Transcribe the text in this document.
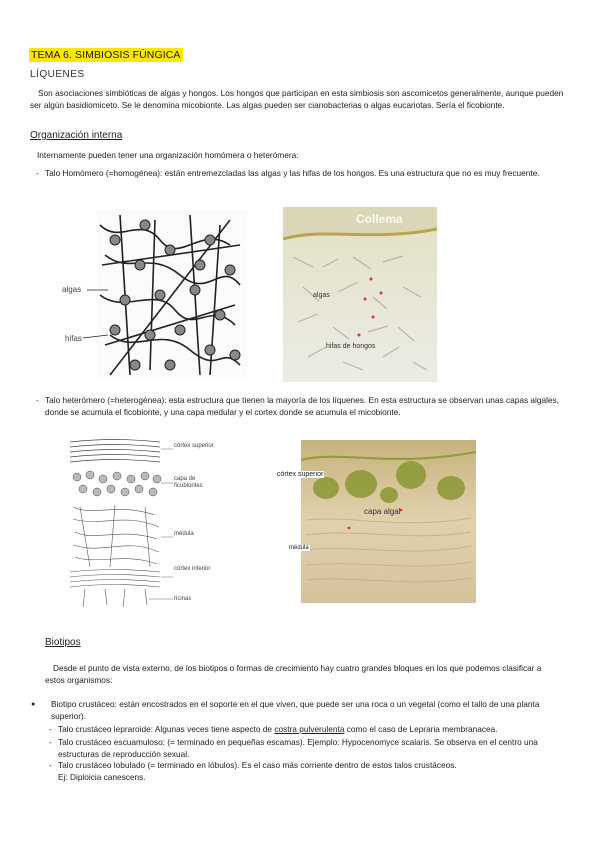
TEMA 6. SIMBIOSIS FÚNGICA
LÍQUENES
Son asociaciones simbióticas de algas y hongos. Los hongos que participan en esta simbiosis son ascomicetos generalmente, aunque pueden ser algún basidiomiceto. Se le denomina micobionte. Las algas pueden ser cianobacterias o algas eucariotas. Sería el ficobionte.
Organización interna
Internamente pueden tener una organización homómera o heterómera:
- Talo Homómero (=homogénea): están entremezcladas las algas y las hifas de los hongos. Es una estructura que no es muy frecuente.
algas
hifas
Collema
algas
hifas de hongos
- Talo heterómero (=heterogénea): esta estructura que tienen la mayoría de los líquenes. En esta estructura se observan unas capas algales, donde se acumula el ficobionte, y una capa medular y el cortex donde se acumula el micobionte.
córtex superior
capa de ficobiontes
médula
córtex inferior
ricinas
córtex superior
capa algal
médula
Biotipos
Desde el punto de vista externo, de los biotipos o formas de crecimiento hay cuatro grandes bloques en los que podemos clasificar a estos organismos:
● Biotipo crustáceo: están encostrados en el soporte en el que viven, que puede ser una roca o un vegetal (como el tallo de una planta superior).
- Talo crustáceo lepraroide: Algunas veces tiene aspecto de costra pulverulenta como el caso de Lepraria membranacea.
- Talo crustáceo escuamuloso: (= terminado en pequeñas escamas). Ejemplo: Hypocenomyce scalaris. Se observa en el centro una estructuras de reproducción sexual.
- Talo crustáceo lobulado (= terminado en lóbulos). Es el caso más corriente dentro de estos talos crustáceos.
Ej: Diploicia canescens.
